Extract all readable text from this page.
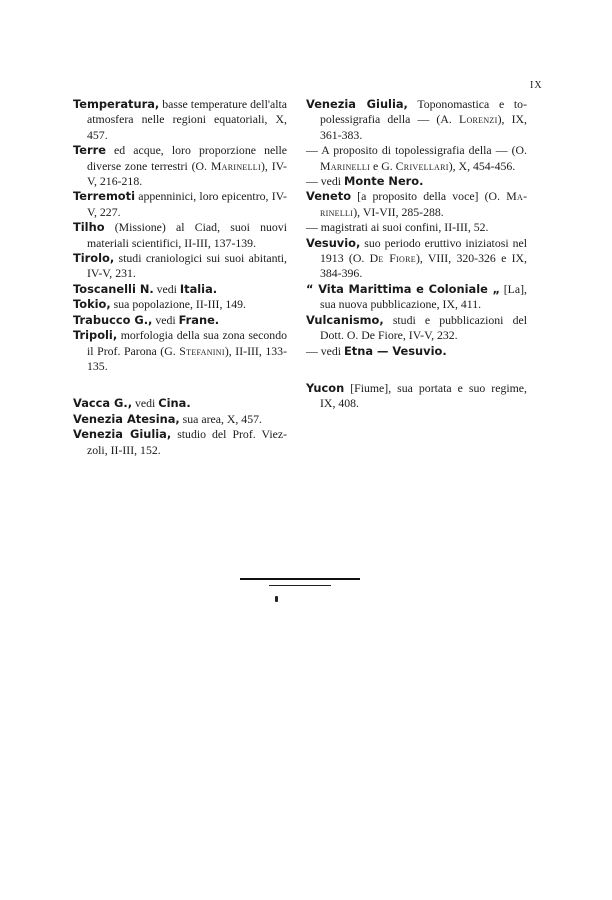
IX
Temperatura, basse temperature dell'alta atmosfera nelle regioni equatoriali, X, 457.
Terre ed acque, loro proporzione nelle diverse zone terrestri (O. Marinelli), IV-V, 216-218.
Terremoti appenninici, loro epicentro, IV-V, 227.
Tilho (Missione) al Ciad, suoi nuovi materiali scientifici, II-III, 137-139.
Tirolo, studi craniologici sui suoi abitanti, IV-V, 231.
Toscanelli N. vedi Italia.
Tokio, sua popolazione, II-III, 149.
Trabucco G., vedi Frane.
Tripoli, morfologia della sua zona secondo il Prof. Parona (G. Stefanini), II-III, 133-135.
Vacca G., vedi Cina.
Venezia Atesina, sua area, X, 457.
Venezia Giulia, studio del Prof. Viezzoli, II-III, 152.
Venezia Giulia, Toponomastica e topolessigrafia della — (A. Lorenzi), IX, 361-383.
— A proposito di topolessigrafia della — (O. Marinelli e G. Crivellari), X, 454-456.
— vedi Monte Nero.
Veneto [a proposito della voce] (O. Marinelli), VI-VII, 285-288.
— magistrati ai suoi confini, II-III, 52.
Vesuvio, suo periodo eruttivo iniziatosi nel 1913 (O. De Fiore), VIII, 320-326 e IX, 384-396.
“ Vita Marittima e Coloniale „ [La], sua nuova pubblicazione, IX, 411.
Vulcanismo, studi e pubblicazioni del Dott. O. De Fiore, IV-V, 232.
— vedi Etna — Vesuvio.
Yucon [Fiume], sua portata e suo regime, IX, 408.
